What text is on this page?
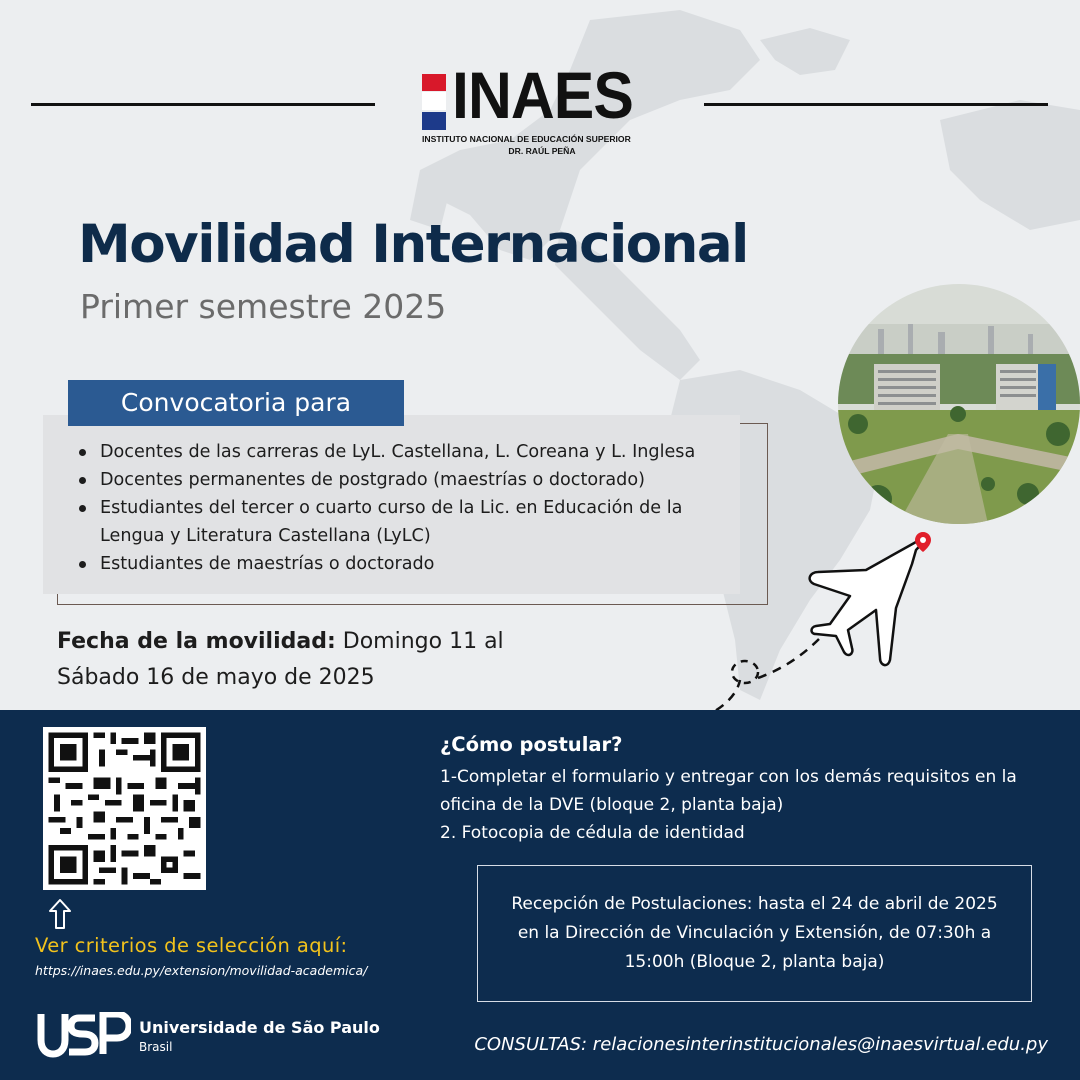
INAES
INSTITUTO NACIONAL DE EDUCACIÓN SUPERIOR
DR. RAÚL PEÑA
Movilidad Internacional
Primer semestre 2025
Convocatoria para
Docentes de las carreras de LyL. Castellana, L. Coreana y L. Inglesa
Docentes permanentes de postgrado (maestrías o doctorado)
Estudiantes del tercer o cuarto curso de la Lic. en Educación de la Lengua y Literatura Castellana (LyLC)
Estudiantes de maestrías o doctorado
Fecha de la movilidad: Domingo 11 al Sábado 16 de mayo de 2025
Ver criterios de selección aquí:
https://inaes.edu.py/extension/movilidad-academica/
Universidade de São Paulo
Brasil
¿Cómo postular?
1-Completar el formulario y entregar con los demás requisitos en la oficina de la DVE (bloque 2, planta baja)
2. Fotocopia de cédula de identidad
Recepción de Postulaciones: hasta el 24 de abril de 2025 en la Dirección de Vinculación y Extensión, de 07:30h a 15:00h (Bloque 2, planta baja)
CONSULTAS: relacionesinterinstitucionales@inaesvirtual.edu.py
